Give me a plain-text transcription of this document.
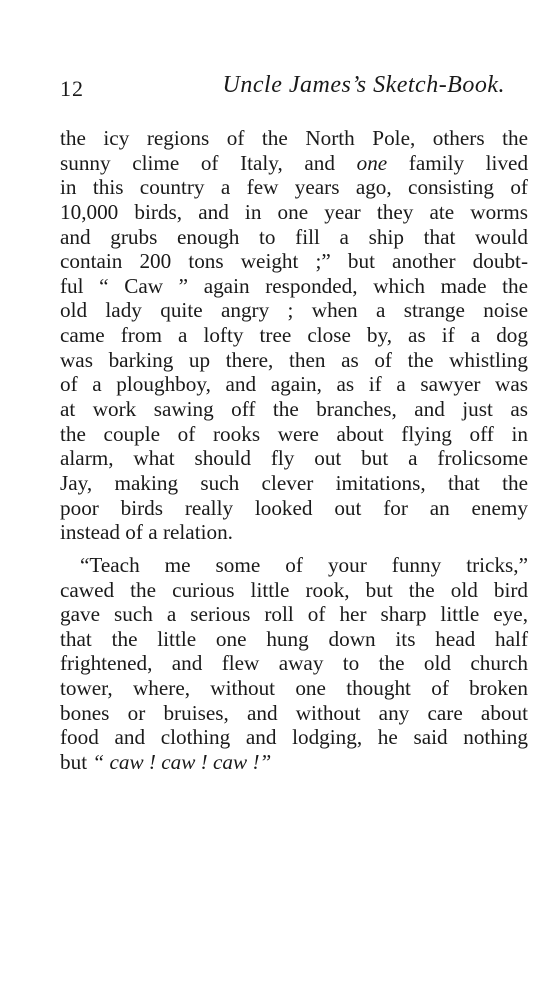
12	Uncle James’s Sketch-Book.
the icy regions of the North Pole, others the
sunny clime of Italy, and one family lived
in this country a few years ago, consisting of
10,000 birds, and in one year they ate worms
and grubs enough to fill a ship that would
contain 200 tons weight ;” but another doubt-
ful “ Caw ” again responded, which made the
old lady quite angry ; when a strange noise
came from a lofty tree close by, as if a dog
was barking up there, then as of the whistling
of a ploughboy, and again, as if a sawyer was
at work sawing off the branches, and just as
the couple of rooks were about flying off in
alarm, what should fly out but a frolicsome
Jay, making such clever imitations, that the
poor birds really looked out for an enemy
instead of a relation.
“Teach me some of your funny tricks,”
cawed the curious little rook, but the old bird
gave such a serious roll of her sharp little eye,
that the little one hung down its head half
frightened, and flew away to the old church
tower, where, without one thought of broken
bones or bruises, and without any care about
food and clothing and lodging, he said nothing
but “ caw ! caw ! caw !”
